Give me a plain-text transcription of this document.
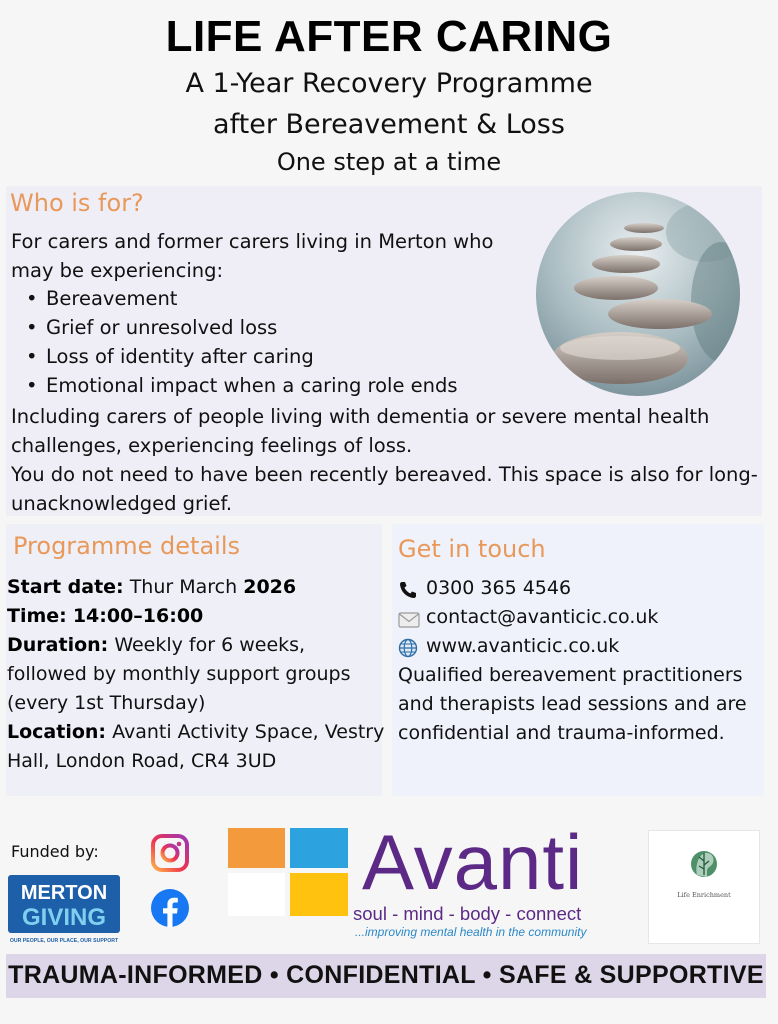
LIFE AFTER CARING
A 1-Year Recovery Programme
after Bereavement & Loss
One step at a time
Who is for?
For carers and former carers living in Merton who may be experiencing:
• Bereavement
• Grief or unresolved loss
• Loss of identity after caring
• Emotional impact when a caring role ends
Including carers of people living with dementia or severe mental health challenges, experiencing feelings of loss.
You do not need to have been recently bereaved. This space is also for long-unacknowledged grief.
Programme details
Start date: Thur March 2026
Time: 14:00–16:00
Duration: Weekly for 6 weeks, followed by monthly support groups (every 1st Thursday)
Location: Avanti Activity Space, Vestry Hall, London Road, CR4 3UD
Get in touch
0300 365 4546
contact@avanticic.co.uk
www.avanticic.co.uk
Qualified bereavement practitioners and therapists lead sessions and are confidential and trauma-informed.
Funded by:
MERTON
GIVING
OUR PEOPLE, OUR PLACE, OUR SUPPORT
Avanti
soul - mind - body - connect
...improving mental health in the community
Life Enrichment
TRAUMA-INFORMED • CONFIDENTIAL • SAFE & SUPPORTIVE
